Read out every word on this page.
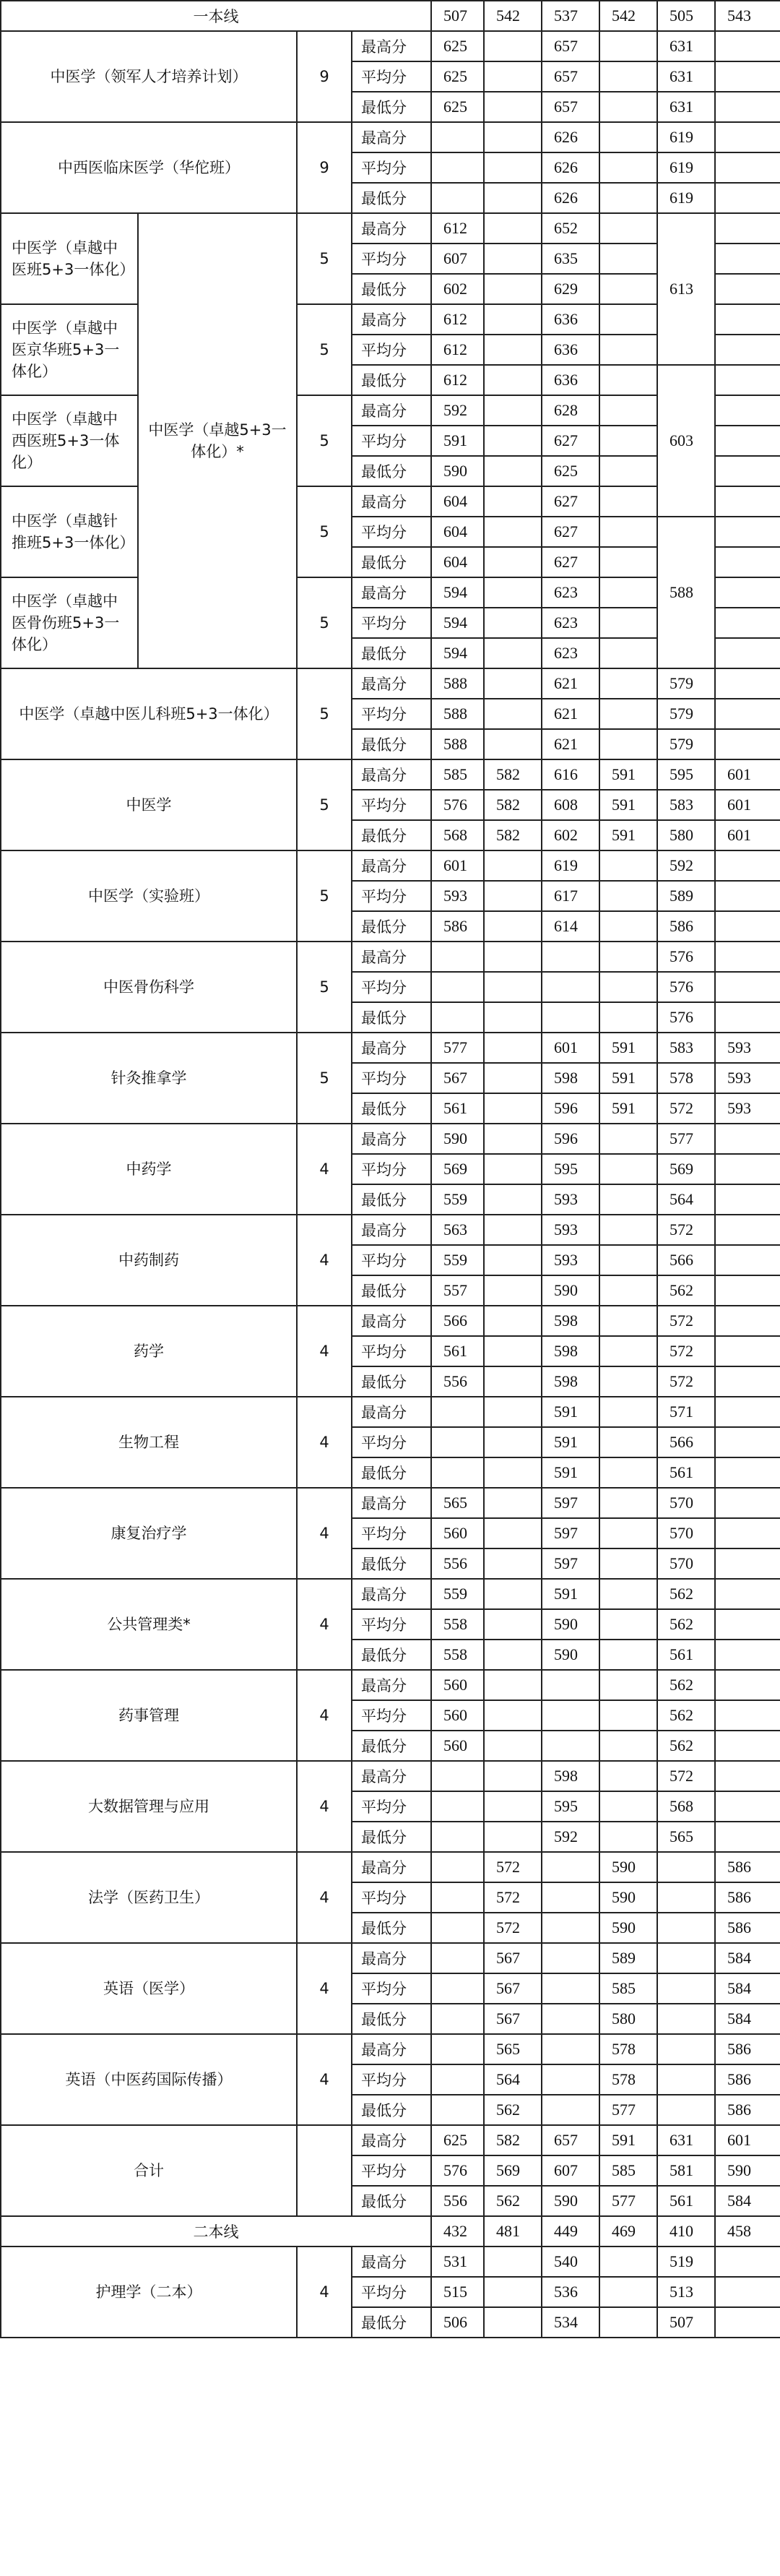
一本线				507	542	537	542	505	543
中医学（领军人才培养计划）		9	最高分	625		657		631	
			平均分	625		657		631	
			最低分	625		657		631	
中西医临床医学（华佗班）		9	最高分			626		619	
			平均分			626		619	
			最低分			626		619	
中医学（卓越中医班5+3一体化）	中医学（卓越5+3一体化）*	5	最高分	612		652		613	
			平均分	607		635			
			最低分	602		629			
中医学（卓越中医京华班5+3一体化）		5	最高分	612		636			
			平均分	612		636			
			最低分	612		636		603	
中医学（卓越中西医班5+3一体化）		5	最高分	592		628			
			平均分	591		627			
			最低分	590		625			
中医学（卓越针推班5+3一体化）		5	最高分	604		627			
			平均分	604		627		588	
			最低分	604		627			
中医学（卓越中医骨伤班5+3一体化）		5	最高分	594		623			
			平均分	594		623			
			最低分	594		623			
中医学（卓越中医儿科班5+3一体化）		5	最高分	588		621		579	
			平均分	588		621		579	
			最低分	588		621		579	
中医学		5	最高分	585	582	616	591	595	601
			平均分	576	582	608	591	583	601
			最低分	568	582	602	591	580	601
中医学（实验班）		5	最高分	601		619		592	
			平均分	593		617		589	
			最低分	586		614		586	
中医骨伤科学		5	最高分					576	
			平均分					576	
			最低分					576	
针灸推拿学		5	最高分	577		601	591	583	593
			平均分	567		598	591	578	593
			最低分	561		596	591	572	593
中药学		4	最高分	590		596		577	
			平均分	569		595		569	
			最低分	559		593		564	
中药制药		4	最高分	563		593		572	
			平均分	559		593		566	
			最低分	557		590		562	
药学		4	最高分	566		598		572	
			平均分	561		598		572	
			最低分	556		598		572	
生物工程		4	最高分			591		571	
			平均分			591		566	
			最低分			591		561	
康复治疗学		4	最高分	565		597		570	
			平均分	560		597		570	
			最低分	556		597		570	
公共管理类*		4	最高分	559		591		562	
			平均分	558		590		562	
			最低分	558		590		561	
药事管理		4	最高分	560				562	
			平均分	560				562	
			最低分	560				562	
大数据管理与应用		4	最高分			598		572	
			平均分			595		568	
			最低分			592		565	
法学（医药卫生）		4	最高分		572		590		586
			平均分		572		590		586
			最低分		572		590		586
英语（医学）		4	最高分		567		589		584
			平均分		567		585		584
			最低分		567		580		584
英语（中医药国际传播）		4	最高分		565		578		586
			平均分		564		578		586
			最低分		562		577		586
合计			最高分	625	582	657	591	631	601
			平均分	576	569	607	585	581	590
			最低分	556	562	590	577	561	584
二本线				432	481	449	469	410	458
护理学（二本）		4	最高分	531		540		519	
			平均分	515		536		513	
			最低分	506		534		507	
